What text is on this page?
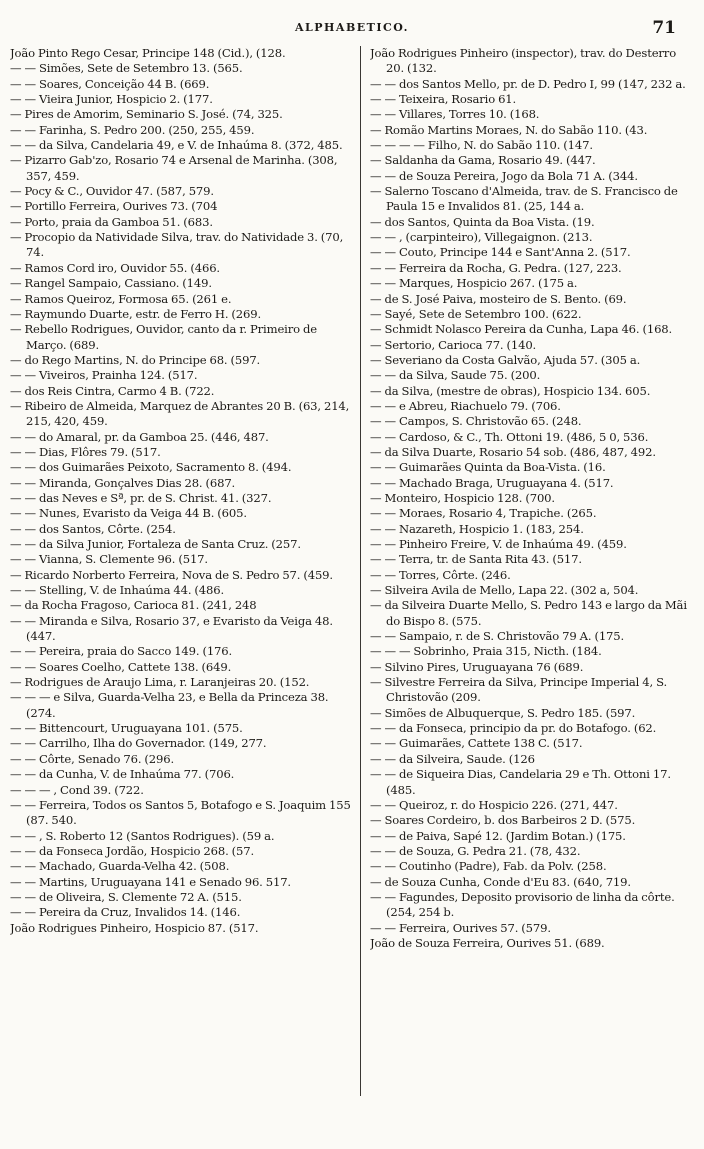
ALPHABETICO.	71
João Pinto Rego Cesar, Principe 148 (Cid.), (128.
— — Simões, Sete de Setembro 13. (565.
— — Soares, Conceição 44 B. (669.
— — Vieira Junior, Hospicio 2. (177.
— Pires de Amorim, Seminario S. José. (74, 325.
— — Farinha, S. Pedro 200. (250, 255, 459.
— — da Silva, Candelaria 49, e V. de Inhaúma 8. (372, 485.
— Pizarro Gab'zo, Rosario 74 e Arsenal de Marinha. (308, 357, 459.
— Pocy & C., Ouvidor 47. (587, 579.
— Portillo Ferreira, Ourives 73. (704
— Porto, praia da Gamboa 51. (683.
— Procopio da Natividade Silva, trav. do Natividade 3. (70, 74.
— Ramos Cord iro, Ouvidor 55. (466.
— Rangel Sampaio, Cassiano. (149.
— Ramos Queiroz, Formosa 65. (261 e.
— Raymundo Duarte, estr. de Ferro H. (269.
— Rebello Rodrigues, Ouvidor, canto da r. Primeiro de Março. (689.
— do Rego Martins, N. do Principe 68. (597.
— — Viveiros, Prainha 124. (517.
— dos Reis Cintra, Carmo 4 B. (722.
— Ribeiro de Almeida, Marquez de Abrantes 20 B. (63, 214, 215, 420, 459.
— — do Amaral, pr. da Gamboa 25. (446, 487.
— — Dias, Flôres 79. (517.
— — dos Guimarães Peixoto, Sacramento 8. (494.
— — Miranda, Gonçalves Dias 28. (687.
— — das Neves e Sª, pr. de S. Christ. 41. (327.
— — Nunes, Evaristo da Veiga 44 B. (605.
— — dos Santos, Côrte. (254.
— — da Silva Junior, Fortaleza de Santa Cruz. (257.
— — Vianna, S. Clemente 96. (517.
— Ricardo Norberto Ferreira, Nova de S. Pedro 57. (459.
— — Stelling, V. de Inhaúma 44. (486.
— da Rocha Fragoso, Carioca 81. (241, 248
— — Miranda e Silva, Rosario 37, e Evaristo da Veiga 48. (447.
— — Pereira, praia do Sacco 149. (176.
— — Soares Coelho, Cattete 138. (649.
— Rodrigues de Araujo Lima, r. Laranjeiras 20. (152.
— — — e Silva, Guarda-Velha 23, e Bella da Princeza 38. (274.
— — Bittencourt, Uruguayana 101. (575.
— — Carrilho, Ilha do Governador. (149, 277.
— — Côrte, Senado 76. (296.
— — da Cunha, V. de Inhaúma 77. (706.
— — — , Cond 39. (722.
— — Ferreira, Todos os Santos 5, Botafogo e S. Joaquim 155 (87. 540.
— — , S. Roberto 12 (Santos Rodrigues). (59 a.
— — da Fonseca Jordão, Hospicio 268. (57.
— — Machado, Guarda-Velha 42. (508.
— — Martins, Uruguayana 141 e Senado 96. 517.
— — de Oliveira, S. Clemente 72 A. (515.
— — Pereira da Cruz, Invalidos 14. (146.
João Rodrigues Pinheiro, Hospicio 87. (517.
João Rodrigues Pinheiro (inspector), trav. do Desterro 20. (132.
— — dos Santos Mello, pr. de D. Pedro I, 99 (147, 232 a.
— — Teixeira, Rosario 61.
— — Villares, Torres 10. (168.
— Romão Martins Moraes, N. do Sabão 110. (43.
— — — — Filho, N. do Sabão 110. (147.
— Saldanha da Gama, Rosario 49. (447.
— — de Souza Pereira, Jogo da Bola 71 A. (344.
— Salerno Toscano d'Almeida, trav. de S. Francisco de Paula 15 e Invalidos 81. (25, 144 a.
— dos Santos, Quinta da Boa Vista. (19.
— — , (carpinteiro), Villegaignon. (213.
— — Couto, Principe 144 e Sant'Anna 2. (517.
— — Ferreira da Rocha, G. Pedra. (127, 223.
— — Marques, Hospicio 267. (175 a.
— de S. José Paiva, mosteiro de S. Bento. (69.
— Sayé, Sete de Setembro 100. (622.
— Schmidt Nolasco Pereira da Cunha, Lapa 46. (168.
— Sertorio, Carioca 77. (140.
— Severiano da Costa Galvão, Ajuda 57. (305 a.
— — da Silva, Saude 75. (200.
— da Silva, (mestre de obras), Hospicio 134. 605.
— — e Abreu, Riachuelo 79. (706.
— — Campos, S. Christovão 65. (248.
— — Cardoso, & C., Th. Ottoni 19. (486, 5 0, 536.
— da Silva Duarte, Rosario 54 sob. (486, 487, 492.
— — Guimarães Quinta da Boa-Vista. (16.
— — Machado Braga, Uruguayana 4. (517.
— Monteiro, Hospicio 128. (700.
— — Moraes, Rosario 4, Trapiche. (265.
— — Nazareth, Hospicio 1. (183, 254.
— — Pinheiro Freire, V. de Inhaúma 49. (459.
— — Terra, tr. de Santa Rita 43. (517.
— — Torres, Côrte. (246.
— Silveira Avila de Mello, Lapa 22. (302 a, 504.
— da Silveira Duarte Mello, S. Pedro 143 e largo da Mãi do Bispo 8. (575.
— — Sampaio, r. de S. Christovão 79 A. (175.
— — — Sobrinho, Praia 315, Nicth. (184.
— Silvino Pires, Uruguayana 76 (689.
— Silvestre Ferreira da Silva, Principe Imperial 4, S. Christovão (209.
— Simões de Albuquerque, S. Pedro 185. (597.
— — da Fonseca, principio da pr. do Botafogo. (62.
— — Guimarães, Cattete 138 C. (517.
— — da Silveira, Saude. (126
— — de Siqueira Dias, Candelaria 29 e Th. Ottoni 17. (485.
— — Queiroz, r. do Hospicio 226. (271, 447.
— Soares Cordeiro, b. dos Barbeiros 2 D. (575.
— — de Paiva, Sapé 12. (Jardim Botan.) (175.
— — de Souza, G. Pedra 21. (78, 432.
— — Coutinho (Padre), Fab. da Polv. (258.
— de Souza Cunha, Conde d'Eu 83. (640, 719.
— — Fagundes, Deposito provisorio de linha da côrte. (254, 254 b.
— — Ferreira, Ourives 57. (579.
João de Souza Ferreira, Ourives 51. (689.
